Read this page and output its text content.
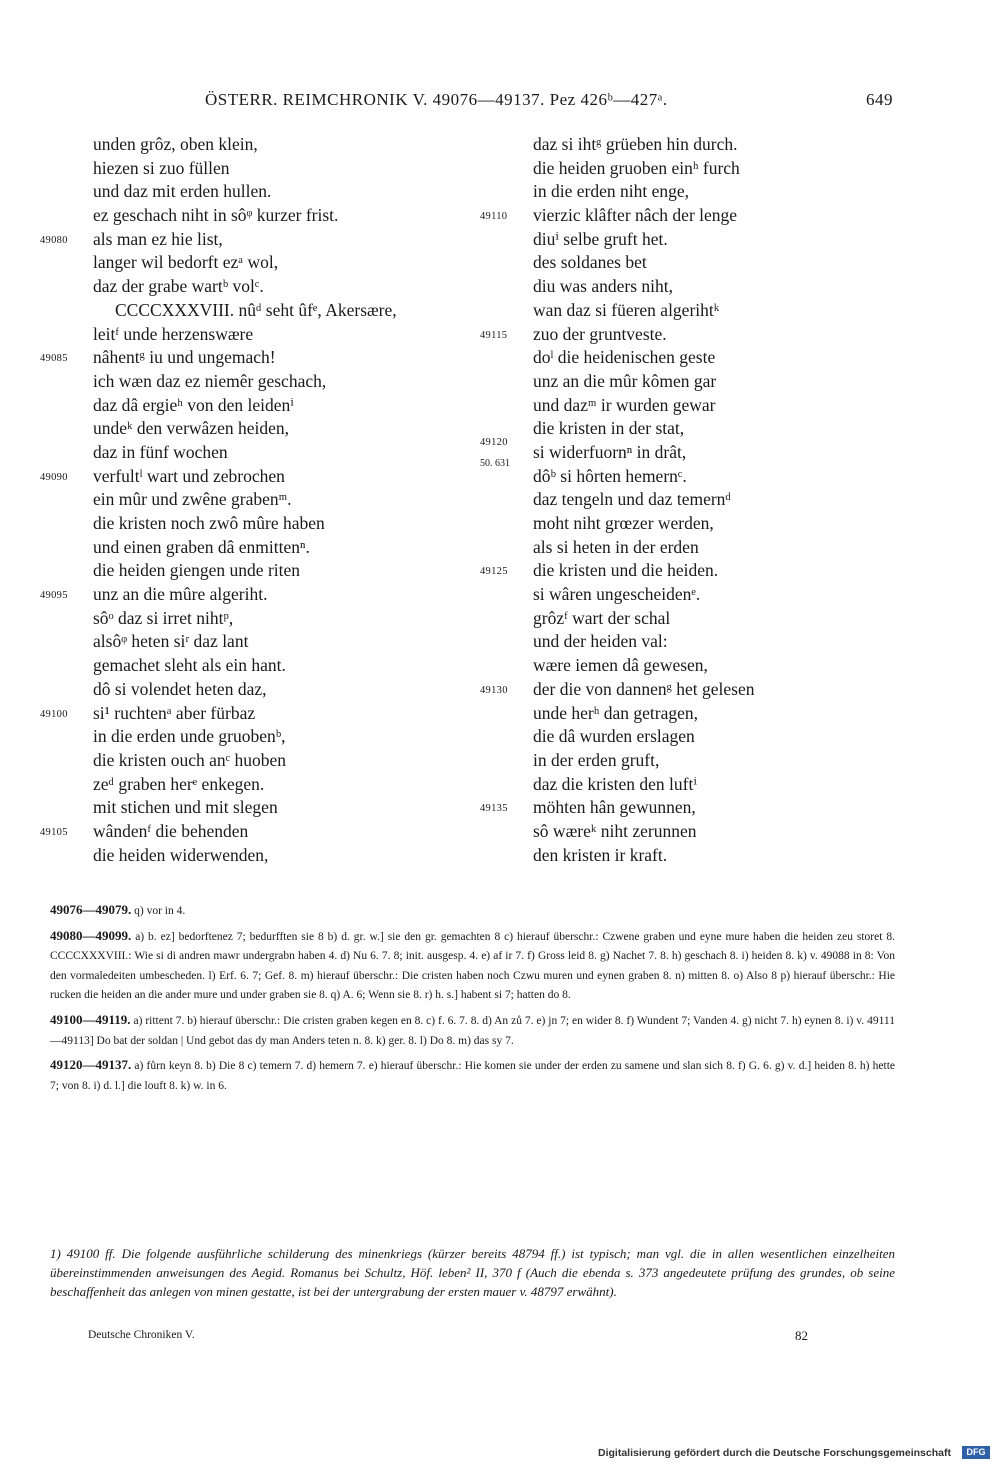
ÖSTERR. REIMCHRONIK V. 49076—49137. Pez 426ᵇ—427ᵃ.	649
unden grôz, oben klein,
hiezen si zuo füllen
und daz mit erden hullen.
ez geschach niht in sôᵠ kurzer frist.
49080	als man ez hie list,
langer wil bedorft ezᵃ wol,
daz der grabe wartᵇ volᶜ.
CCCCXXXVIII. nûᵈ seht ûfᵉ, Akersære,
leitᶠ unde herzenswære
49085	nâhentᵍ iu und ungemach!
ich wæn daz ez niemêr geschach,
daz dâ ergieʰ von den leidenⁱ
undeᵏ den verwâzen heiden,
daz in fünf wochen
49090	verfultˡ wart und zebrochen
ein mûr und zwêne grabenᵐ.
die kristen noch zwô mûre haben
und einen graben dâ enmittenⁿ.
die heiden giengen unde riten
49095	unz an die mûre algeriht.
sôᵒ daz si irret nihtᵖ,
alsôᵠ heten siʳ daz lant
gemachet sleht als ein hant.
dô si volendet heten daz,
49100	si¹ ruchtenᵃ aber fürbaz
in die erden unde gruobenᵇ,
die kristen ouch anᶜ huoben
zeᵈ graben herᵉ enkegen.
mit stichen und mit slegen
49105	wândenᶠ die behenden
die heiden widerwenden,
daz si ihtᵍ grüeben hin durch.
die heiden gruoben einʰ furch
in die erden niht enge,
49110	vierzic klâfter nâch der lenge
diuⁱ selbe gruft het.
des soldanes bet
diu was anders niht,
wan daz si füeren algerihtᵏ
49115	zuo der gruntveste.
doˡ die heidenischen geste
unz an die mûr kômen gar
und dazᵐ ir wurden gewar
die kristen in der stat,
49120
50. 631
si widerfuornⁿ in drât,
dôᵇ si hôrten hemernᶜ.
daz tengeln und daz temernᵈ
moht niht grœzer werden,
als si heten in der erden
49125	die kristen und die heiden.
si wâren ungescheidenᵉ.
grôzᶠ wart der schal
und der heiden val:
wære iemen dâ gewesen,
49130	der die von dannenᵍ het gelesen
unde herʰ dan getragen,
die dâ wurden erslagen
in der erden gruft,
daz die kristen den luftⁱ
49135	möhten hân gewunnen,
sô wæreᵏ niht zerunnen
den kristen ir kraft.

49076—49079. q) vor in 4.

49080—49099. a) b. ez] bedorftenez 7; bedurfften sie 8 b) d. gr. w.] sie den gr. gemachten 8 c) hierauf überschr.: Czwene graben und eyne mure haben die heiden zeu storet 8. CCCCXXXVIII.: Wie si di andren mawr undergrabn haben 4. d) Nu 6. 7. 8; init. ausgesp. 4. e) af ir 7. f) Gross leid 8. g) Nachet 7. 8. h) geschach 8. i) heiden 8. k) v. 49088 in 8: Von den vormaledeiten umbescheden. l) Erf. 6. 7; Gef. 8. m) hierauf überschr.: Die cristen haben noch Czwu muren und eynen graben 8. n) mitten 8. o) Also 8 p) hierauf überschr.: Hie rucken die heiden an die ander mure und under graben sie 8. q) A. 6; Wenn sie 8. r) h. s.] habent si 7; hatten do 8.

49100—49119. a) rittent 7. b) hierauf überschr.: Die cristen graben kegen en 8. c) f. 6. 7. 8. d) An zů 7. e) jn 7; en wider 8. f) Wundent 7; Vanden 4. g) nicht 7. h) eynen 8. i) v. 49111—49113] Do bat der soldan | Und gebot das dy man Anders teten n. 8. k) ger. 8. l) Do 8. m) das sy 7.

49120—49137. a) fůrn keyn 8. b) Die 8 c) temern 7. d) hemern 7. e) hierauf überschr.: Hie komen sie under der erden zu samene und slan sich 8. f) G. 6. g) v. d.] heiden 8. h) hette 7; von 8. i) d. l.] die louft 8. k) w. in 6.

1) 49100 ff. Die folgende ausführliche schilderung des minenkriegs (kürzer bereits 48794 ff.) ist typisch; man vgl. die in allen wesentlichen einzelheiten übereinstimmenden anweisungen des Aegid. Romanus bei Schultz, Höf. leben² II, 370 f (Auch die ebenda s. 373 angedeutete prüfung des grundes, ob seine beschaffenheit das anlegen von minen gestatte, ist bei der untergrabung der ersten mauer v. 48797 erwähnt).
Deutsche Chroniken V.	82
Digitalisierung gefördert durch die Deutsche Forschungsgemeinschaft	DFG
